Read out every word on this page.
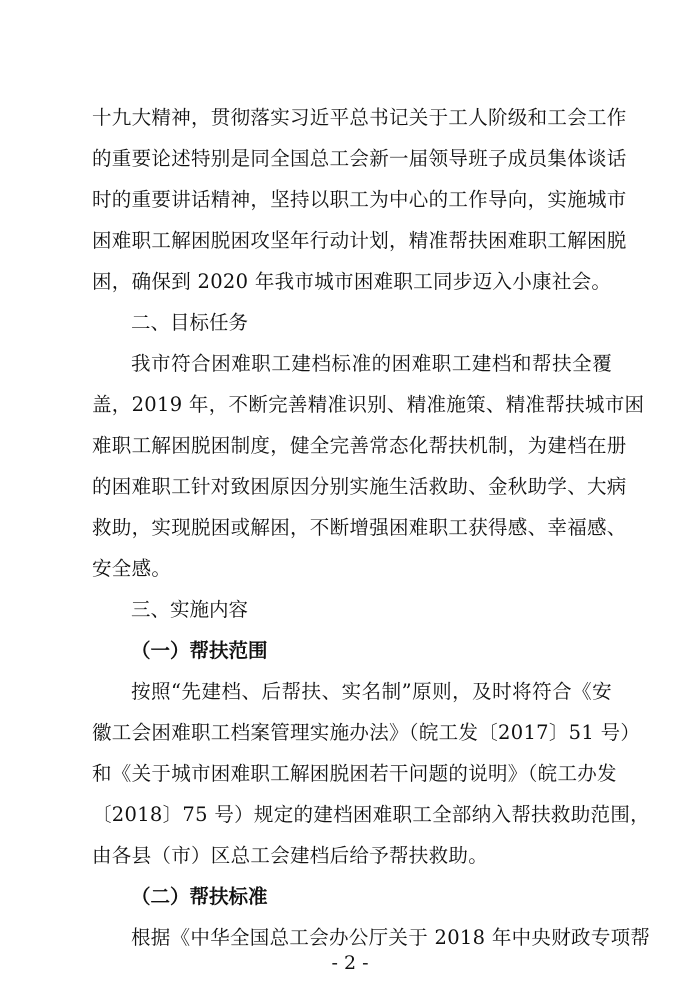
十九大精神，贯彻落实习近平总书记关于工人阶级和工会工作
的重要论述特别是同全国总工会新一届领导班子成员集体谈话
时的重要讲话精神，坚持以职工为中心的工作导向，实施城市
困难职工解困脱困攻坚年行动计划，精准帮扶困难职工解困脱
困，确保到 2020 年我市城市困难职工同步迈入小康社会。
二、目标任务
我市符合困难职工建档标准的困难职工建档和帮扶全覆
盖，2019 年，不断完善精准识别、精准施策、精准帮扶城市困
难职工解困脱困制度，健全完善常态化帮扶机制，为建档在册
的困难职工针对致困原因分别实施生活救助、金秋助学、大病
救助，实现脱困或解困，不断增强困难职工获得感、幸福感、
安全感。
三、实施内容
（一）帮扶范围
按照“先建档、后帮扶、实名制”原则，及时将符合《安
徽工会困难职工档案管理实施办法》（皖工发〔2017〕51 号）
和《关于城市困难职工解困脱困若干问题的说明》（皖工办发
〔2018〕75 号）规定的建档困难职工全部纳入帮扶救助范围，
由各县（市）区总工会建档后给予帮扶救助。
（二）帮扶标准
根据《中华全国总工会办公厅关于 2018 年中央财政专项帮
- 2 -
